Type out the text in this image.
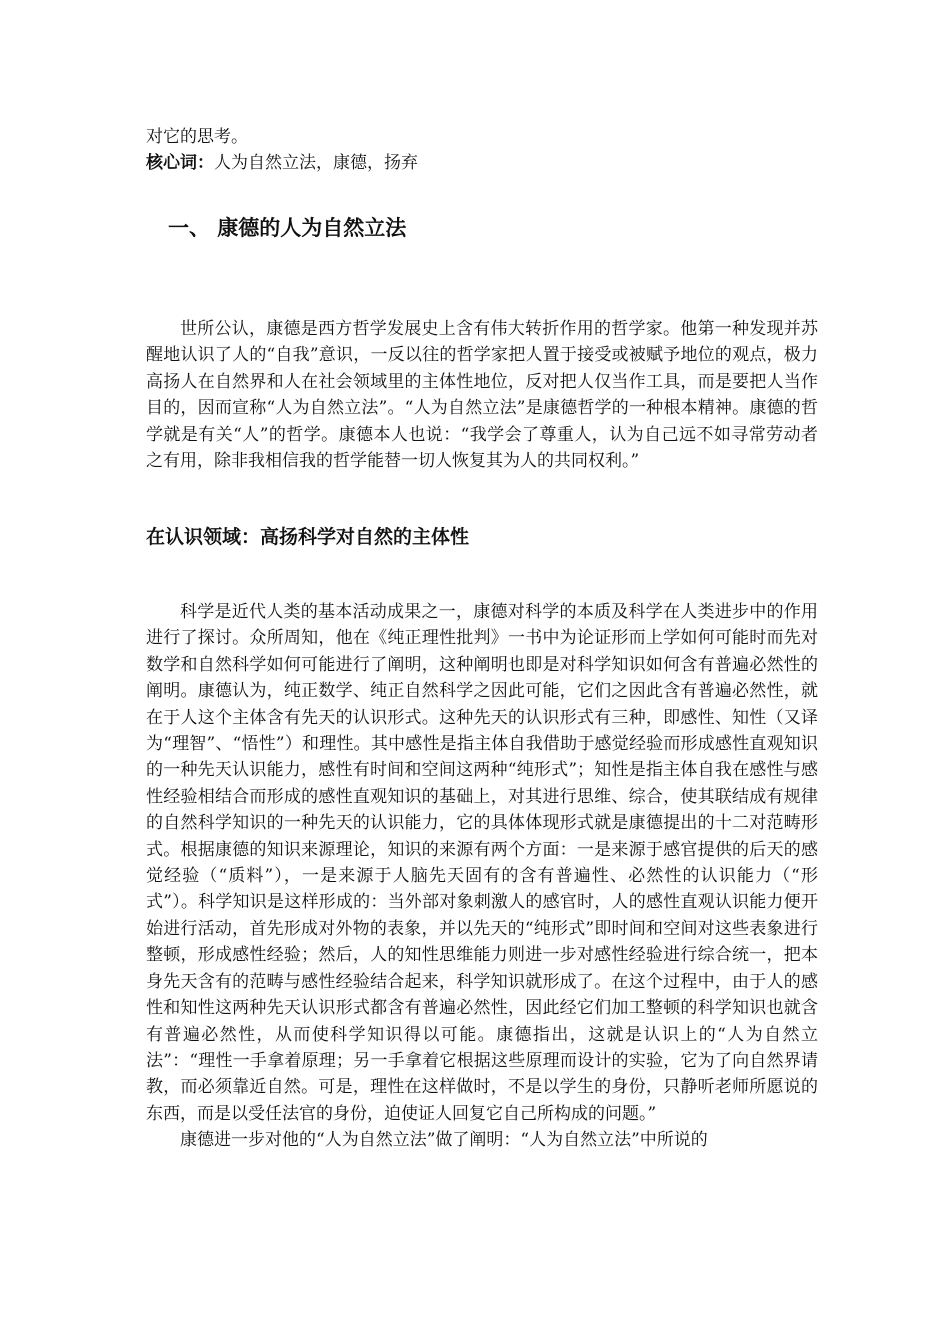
对它的思考。

核心词：人为自然立法，康德，扬弃

一、 康德的人为自然立法

世所公认，康德是西方哲学发展史上含有伟大转折作用的哲学家。他第一种发现并苏醒地认识了人的“自我”意识，一反以往的哲学家把人置于接受或被赋予地位的观点，极力高扬人在自然界和人在社会领域里的主体性地位，反对把人仅当作工具，而是要把人当作目的，因而宣称“人为自然立法”。“人为自然立法”是康德哲学的一种根本精神。康德的哲学就是有关“人”的哲学。康德本人也说：“我学会了尊重人，认为自己远不如寻常劳动者之有用，除非我相信我的哲学能替一切人恢复其为人的共同权利。”

在认识领域：高扬科学对自然的主体性

科学是近代人类的基本活动成果之一，康德对科学的本质及科学在人类进步中的作用进行了探讨。众所周知，他在《纯正理性批判》一书中为论证形而上学如何可能时而先对数学和自然科学如何可能进行了阐明，这种阐明也即是对科学知识如何含有普遍必然性的阐明。康德认为，纯正数学、纯正自然科学之因此可能，它们之因此含有普遍必然性，就在于人这个主体含有先天的认识形式。这种先天的认识形式有三种，即感性、知性（又译为“理智”、“悟性”）和理性。其中感性是指主体自我借助于感觉经验而形成感性直观知识的一种先天认识能力，感性有时间和空间这两种“纯形式”；知性是指主体自我在感性与感性经验相结合而形成的感性直观知识的基础上，对其进行思维、综合，使其联结成有规律的自然科学知识的一种先天的认识能力，它的具体体现形式就是康德提出的十二对范畴形式。根据康德的知识来源理论，知识的来源有两个方面：一是来源于感官提供的后天的感觉经验（“质料”），一是来源于人脑先天固有的含有普遍性、必然性的认识能力（“形式”）。科学知识是这样形成的：当外部对象刺激人的感官时，人的感性直观认识能力便开始进行活动，首先形成对外物的表象，并以先天的“纯形式”即时间和空间对这些表象进行整顿，形成感性经验；然后，人的知性思维能力则进一步对感性经验进行综合统一，把本身先天含有的范畴与感性经验结合起来，科学知识就形成了。在这个过程中，由于人的感性和知性这两种先天认识形式都含有普遍必然性，因此经它们加工整顿的科学知识也就含有普遍必然性，从而使科学知识得以可能。康德指出，这就是认识上的“人为自然立法”：“理性一手拿着原理；另一手拿着它根据这些原理而设计的实验，它为了向自然界请教，而必须靠近自然。可是，理性在这样做时，不是以学生的身份，只静听老师所愿说的东西，而是以受任法官的身份，迫使证人回复它自己所构成的问题。”

康德进一步对他的“人为自然立法”做了阐明：“人为自然立法”中所说的
